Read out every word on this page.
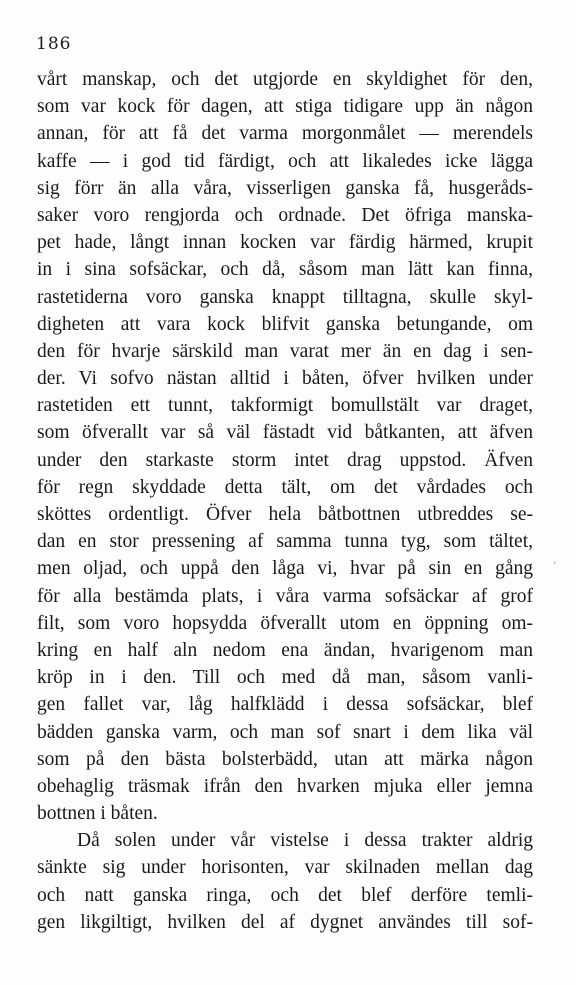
186
vårt manskap, och det utgjorde en skyldighet för den,
som var kock för dagen, att stiga tidigare upp än någon
annan, för att få det varma morgonmålet — merendels
kaffe — i god tid färdigt, och att likaledes icke lägga
sig förr än alla våra, visserligen ganska få, husgeråds-
saker voro rengjorda och ordnade. Det öfriga manska-
pet hade, långt innan kocken var färdig härmed, krupit
in i sina sofsäckar, och då, såsom man lätt kan finna,
rastetiderna voro ganska knappt tilltagna, skulle skyl-
digheten att vara kock blifvit ganska betungande, om
den för hvarje särskild man varat mer än en dag i sen-
der. Vi sofvo nästan alltid i båten, öfver hvilken under
rastetiden ett tunnt, takformigt bomullstält var draget,
som öfverallt var så väl fästadt vid båtkanten, att äfven
under den starkaste storm intet drag uppstod. Äfven
för regn skyddade detta tält, om det vårdades och
sköttes ordentligt. Öfver hela båtbottnen utbreddes se-
dan en stor pressening af samma tunna tyg, som tältet,
men oljad, och uppå den låga vi, hvar på sin en gång
för alla bestämda plats, i våra varma sofsäckar af grof
filt, som voro hopsydda öfverallt utom en öppning om-
kring en half aln nedom ena ändan, hvarigenom man
kröp in i den. Till och med då man, såsom vanli-
gen fallet var, låg halfklädd i dessa sofsäckar, blef
bädden ganska varm, och man sof snart i dem lika väl
som på den bästa bolsterbädd, utan att märka någon
obehaglig träsmak ifrån den hvarken mjuka eller jemna
bottnen i båten.
Då solen under vår vistelse i dessa trakter aldrig
sänkte sig under horisonten, var skilnaden mellan dag
och natt ganska ringa, och det blef derföre temli-
gen likgiltigt, hvilken del af dygnet användes till sof-
,
